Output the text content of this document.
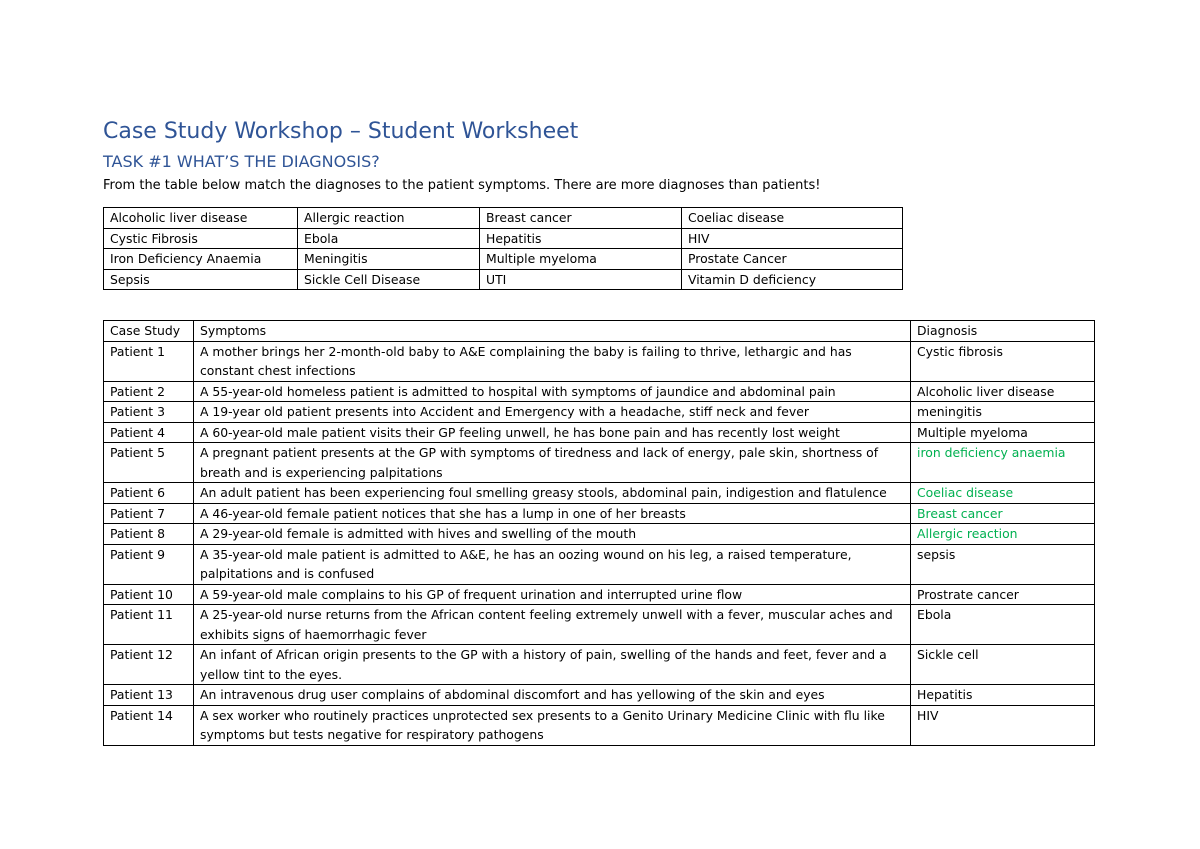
Case Study Workshop – Student Worksheet
TASK #1 WHAT’S THE DIAGNOSIS?
From the table below match the diagnoses to the patient symptoms. There are more diagnoses than patients!
Alcoholic liver disease	Allergic reaction	Breast cancer	Coeliac disease
Cystic Fibrosis	Ebola	Hepatitis	HIV
Iron Deficiency Anaemia	Meningitis	Multiple myeloma	Prostate Cancer
Sepsis	Sickle Cell Disease	UTI	Vitamin D deficiency
Case Study	Symptoms	Diagnosis
Patient 1	A mother brings her 2-month-old baby to A&E complaining the baby is failing to thrive, lethargic and has constant chest infections	Cystic fibrosis
Patient 2	A 55-year-old homeless patient is admitted to hospital with symptoms of jaundice and abdominal pain	Alcoholic liver disease
Patient 3	A 19-year old patient presents into Accident and Emergency with a headache, stiff neck and fever	meningitis
Patient 4	A 60-year-old male patient visits their GP feeling unwell, he has bone pain and has recently lost weight	Multiple myeloma
Patient 5	A pregnant patient presents at the GP with symptoms of tiredness and lack of energy, pale skin, shortness of breath and is experiencing palpitations	iron deficiency anaemia
Patient 6	An adult patient has been experiencing foul smelling greasy stools, abdominal pain, indigestion and flatulence	Coeliac disease
Patient 7	A 46-year-old female patient notices that she has a lump in one of her breasts	Breast cancer
Patient 8	A 29-year-old female is admitted with hives and swelling of the mouth	Allergic reaction
Patient 9	A 35-year-old male patient is admitted to A&E, he has an oozing wound on his leg, a raised temperature, palpitations and is confused	sepsis
Patient 10	A 59-year-old male complains to his GP of frequent urination and interrupted urine flow	Prostrate cancer
Patient 11	A 25-year-old nurse returns from the African content feeling extremely unwell with a fever, muscular aches and exhibits signs of haemorrhagic fever	Ebola
Patient 12	An infant of African origin presents to the GP with a history of pain, swelling of the hands and feet, fever and a yellow tint to the eyes.	Sickle cell
Patient 13	An intravenous drug user complains of abdominal discomfort and has yellowing of the skin and eyes	Hepatitis
Patient 14	A sex worker who routinely practices unprotected sex presents to a Genito Urinary Medicine Clinic with flu like symptoms but tests negative for respiratory pathogens	HIV
